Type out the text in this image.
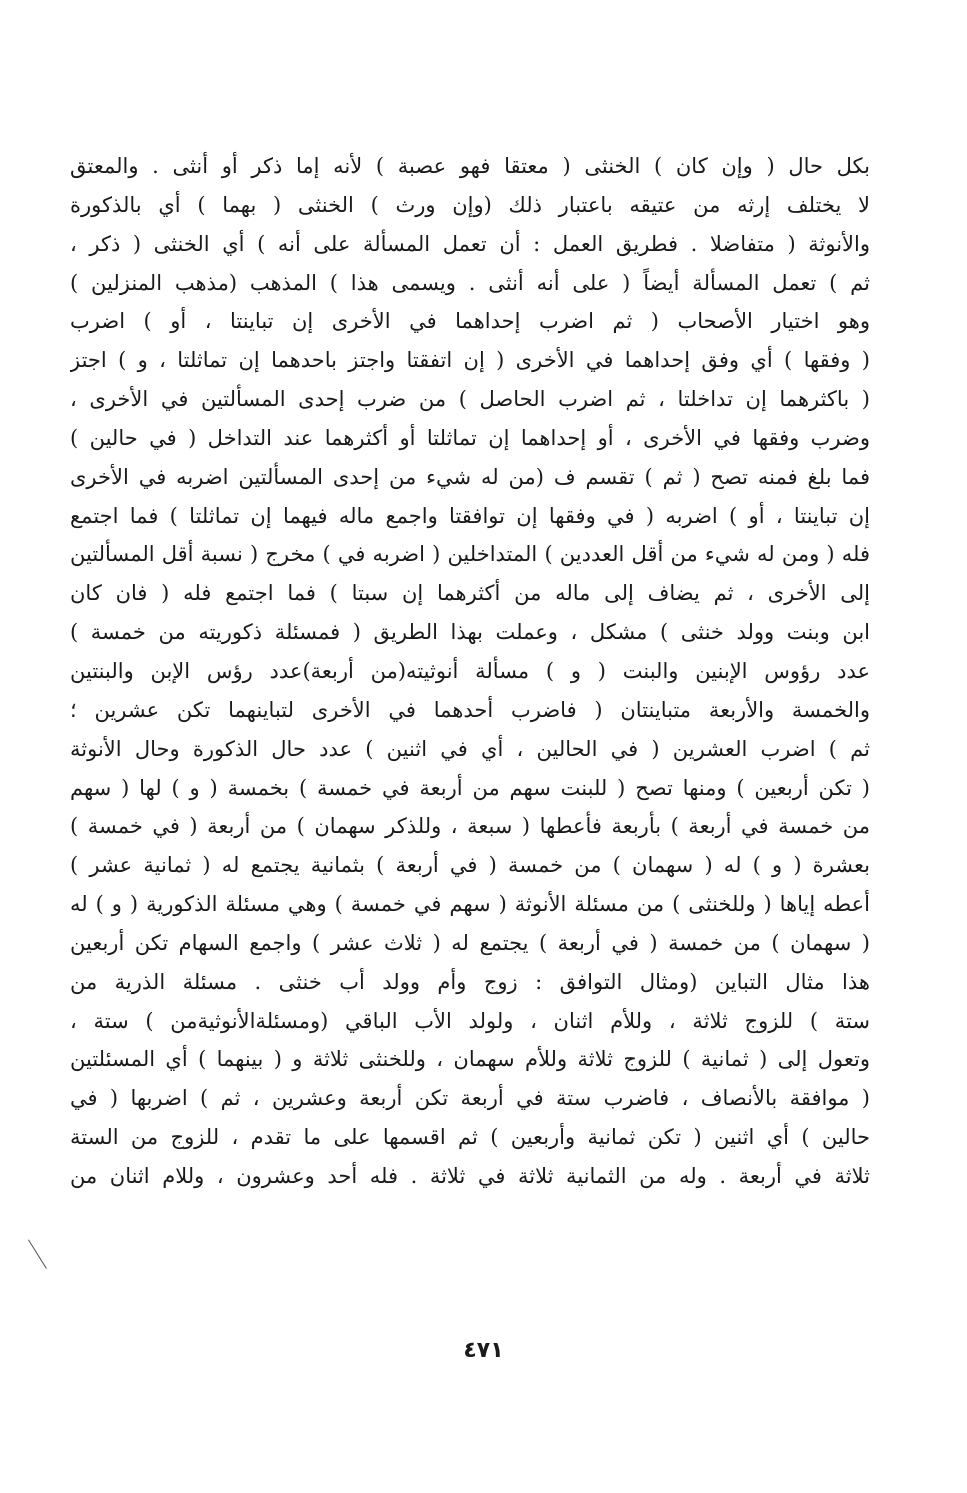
بكل حال ( وإن كان ) الخنثى ( معتقا فهو عصبة ) لأنه إما ذكر أو أنثى . والمعتق
لا يختلف إرثه من عتيقه باعتبار ذلك (وإن ورث ) الخنثى ( بهما ) أي بالذكورة
والأنوثة ( متفاضلا . فطريق العمل : أن تعمل المسألة على أنه ) أي الخنثى ( ذكر ،
ثم ) تعمل المسألة أيضاً ( على أنه أنثى . ويسمى هذا ) المذهب (مذهب المنزلين )
وهو اختيار الأصحاب ( ثم اضرب إحداهما في الأخرى إن تباينتا ، أو ) اضرب
( وفقها ) أي وفق إحداهما في الأخرى ( إن اتفقتا واجتز باحدهما إن تماثلتا ، و ) اجتز
( باكثرهما إن تداخلتا ، ثم اضرب الحاصل ) من ضرب إحدى المسألتين في الأخرى ،
وضرب وفقها في الأخرى ، أو إحداهما إن تماثلتا أو أكثرهما عند التداخل ( في حالين )
فما بلغ فمنه تصح ( ثم ) تقسم ف (من له شيء من إحدى المسألتين اضربه في الأخرى
إن تباينتا ، أو ) اضربه ( في وفقها إن توافقتا واجمع ماله فيهما إن تماثلتا ) فما اجتمع
فله ( ومن له شيء من أقل العددين ) المتداخلين ( اضربه في ) مخرج ( نسبة أقل المسألتين
إلى الأخرى ، ثم يضاف إلى ماله من أكثرهما إن سبتا ) فما اجتمع فله ( فان كان
ابن وبنت وولد خنثى ) مشكل ، وعملت بهذا الطريق ( فمسئلة ذكوريته من خمسة )
عدد رؤوس الإبنين والبنت ( و ) مسألة أنوثيته(من أربعة)عدد رؤس الإبن والبنتين
والخمسة والأربعة متباينتان ( فاضرب أحدهما في الأخرى لتباينهما تكن عشرين ؛
ثم ) اضرب العشرين ( في الحالين ، أي في اثنين ) عدد حال الذكورة وحال الأنوثة
( تكن أربعين ) ومنها تصح ( للبنت سهم من أربعة في خمسة ) بخمسة ( و ) لها ( سهم
من خمسة في أربعة ) بأربعة فأعطها ( سبعة ، وللذكر سهمان ) من أربعة ( في خمسة )
بعشرة ( و ) له ( سهمان ) من خمسة ( في أربعة ) بثمانية يجتمع له ( ثمانية عشر )
أعطه إياها ( وللخنثى ) من مسئلة الأنوثة ( سهم في خمسة ) وهي مسئلة الذكورية ( و ) له
( سهمان ) من خمسة ( في أربعة ) يجتمع له ( ثلاث عشر ) واجمع السهام تكن أربعين
هذا مثال التباين (ومثال التوافق : زوج وأم وولد أب خنثى . مسئلة الذرية من
ستة ) للزوج ثلاثة ، وللأم اثنان ، ولولد الأب الباقي (ومسئلةالأنوثيةمن ) ستة ،
وتعول إلى ( ثمانية ) للزوج ثلاثة وللأم سهمان ، وللخنثى ثلاثة و ( بينهما ) أي المسئلتين
( موافقة بالأنصاف ، فاضرب ستة في أربعة تكن أربعة وعشرين ، ثم ) اضربها ( في
حالين ) أي اثنين ( تكن ثمانية وأربعين ) ثم اقسمها على ما تقدم ، للزوج من الستة
ثلاثة في أربعة . وله من الثمانية ثلاثة في ثلاثة . فله أحد وعشرون ، وللام اثنان من
٤٧١
